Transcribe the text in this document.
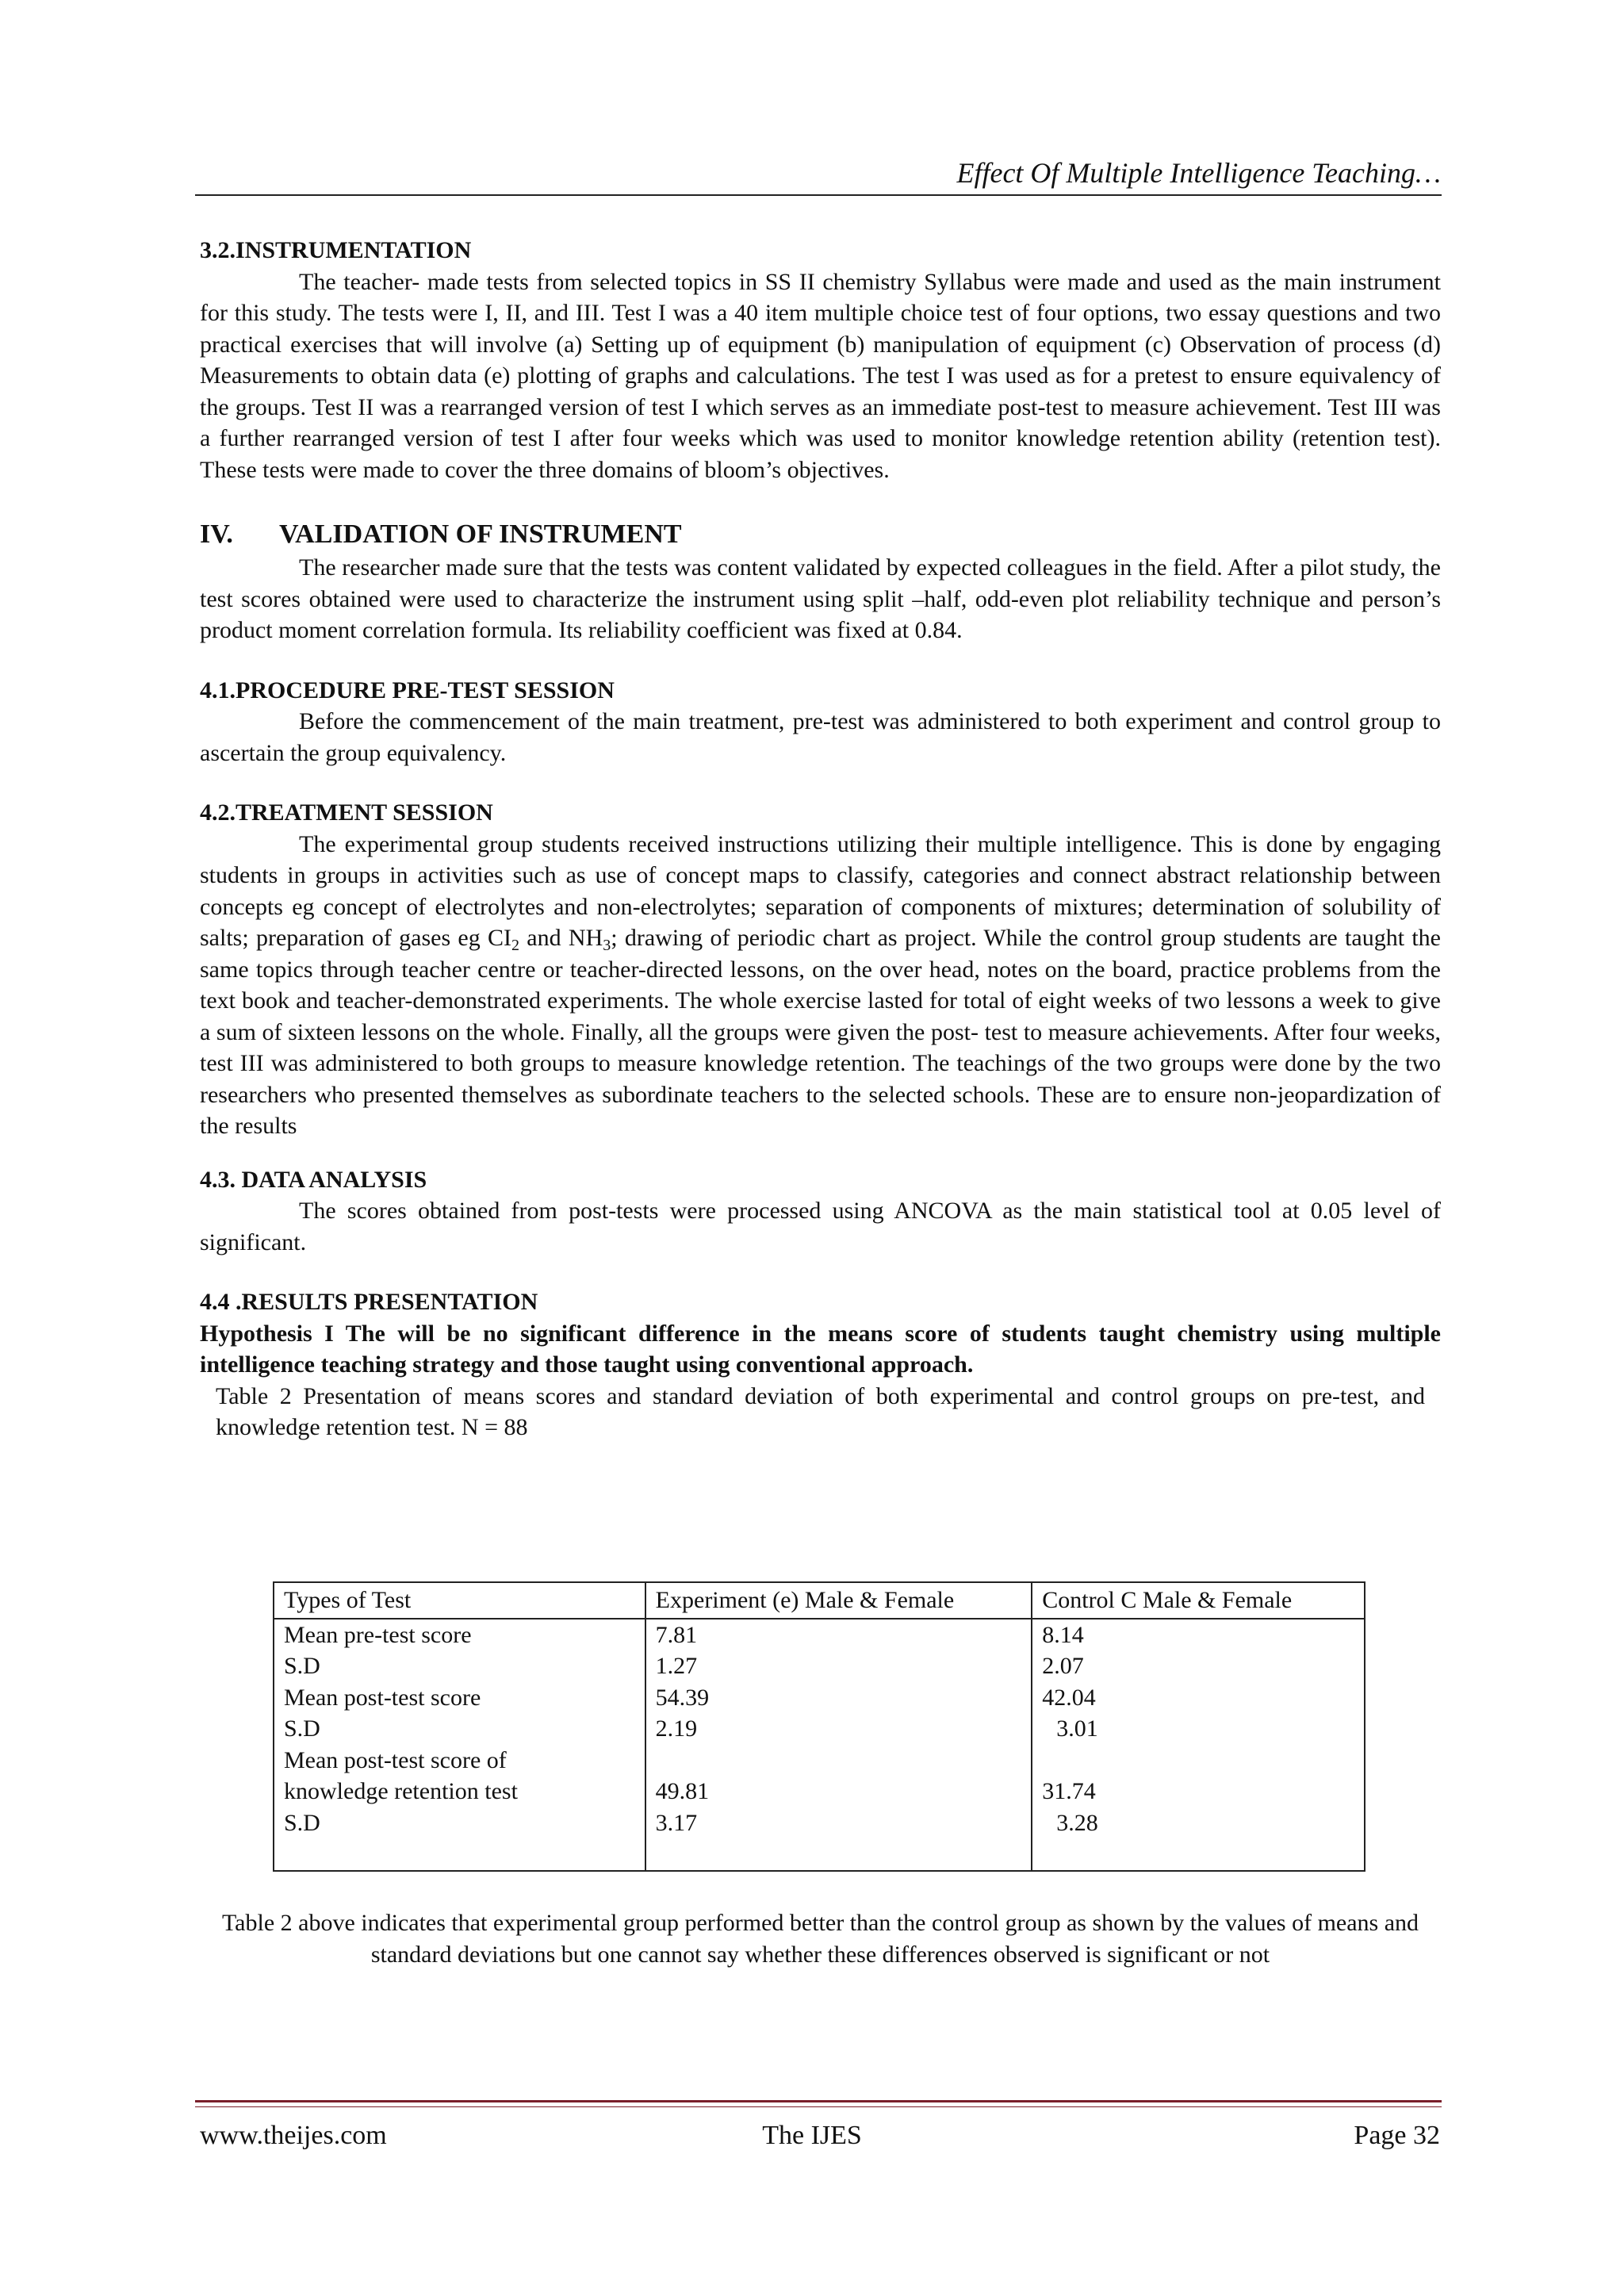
Effect Of Multiple Intelligence Teaching…

3.2.INSTRUMENTATION

The teacher- made tests from selected topics in SS II chemistry Syllabus were made and used as the main instrument for this study. The tests were I, II, and III. Test I was a 40 item multiple choice test of four options, two essay questions and two practical exercises that will involve (a) Setting up of equipment (b) manipulation of equipment (c) Observation of process (d) Measurements to obtain data (e) plotting of graphs and calculations. The test I was used as for a pretest to ensure equivalency of the groups. Test II was a rearranged version of test I which serves as an immediate post-test to measure achievement. Test III was a further rearranged version of test I after four weeks which was used to monitor knowledge retention ability (retention test). These tests were made to cover the three domains of bloom’s objectives.

IV. VALIDATION OF INSTRUMENT

The researcher made sure that the tests was content validated by expected colleagues in the field. After a pilot study, the test scores obtained were used to characterize the instrument using split –half, odd-even plot reliability technique and person’s product moment correlation formula. Its reliability coefficient was fixed at 0.84.

4.1.PROCEDURE PRE-TEST SESSION

Before the commencement of the main treatment, pre-test was administered to both experiment and control group to ascertain the group equivalency.

4.2.TREATMENT SESSION

The experimental group students received instructions utilizing their multiple intelligence. This is done by engaging students in groups in activities such as use of concept maps to classify, categories and connect abstract relationship between concepts eg concept of electrolytes and non-electrolytes; separation of components of mixtures; determination of solubility of salts; preparation of gases eg $CI_2$ and $NH_3$; drawing of periodic chart as project. While the control group students are taught the same topics through teacher centre or teacher-directed lessons, on the over head, notes on the board, practice problems from the text book and teacher-demonstrated experiments. The whole exercise lasted for total of eight weeks of two lessons a week to give a sum of sixteen lessons on the whole. Finally, all the groups were given the post- test to measure achievements. After four weeks, test III was administered to both groups to measure knowledge retention. The teachings of the two groups were done by the two researchers who presented themselves as subordinate teachers to the selected schools. These are to ensure non-jeopardization of the results

4.3. DATA ANALYSIS

The scores obtained from post-tests were processed using ANCOVA as the main statistical tool at 0.05 level of significant.

4.4 .RESULTS PRESENTATION

Hypothesis I The will be no significant difference in the means score of students taught chemistry using multiple intelligence teaching strategy and those taught using conventional approach.

Table 2 Presentation of means scores and standard deviation of both experimental and control groups on pre-test, and knowledge retention test. N = 88

Types of Test	Experiment (e) Male & Female	Control C Male & Female
Mean pre-test score	7.81	8.14
S.D	1.27	2.07
Mean post-test score	54.39	42.04
S.D	2.19	3.01
Mean post-test score of		
knowledge retention test	49.81	31.74
S.D	3.17	3.28
Table 2 above indicates that experimental group performed better than the control group as shown by the values of means and standard deviations but one cannot say whether these differences observed is significant or not
www.theijes.com	The IJES	Page 32
